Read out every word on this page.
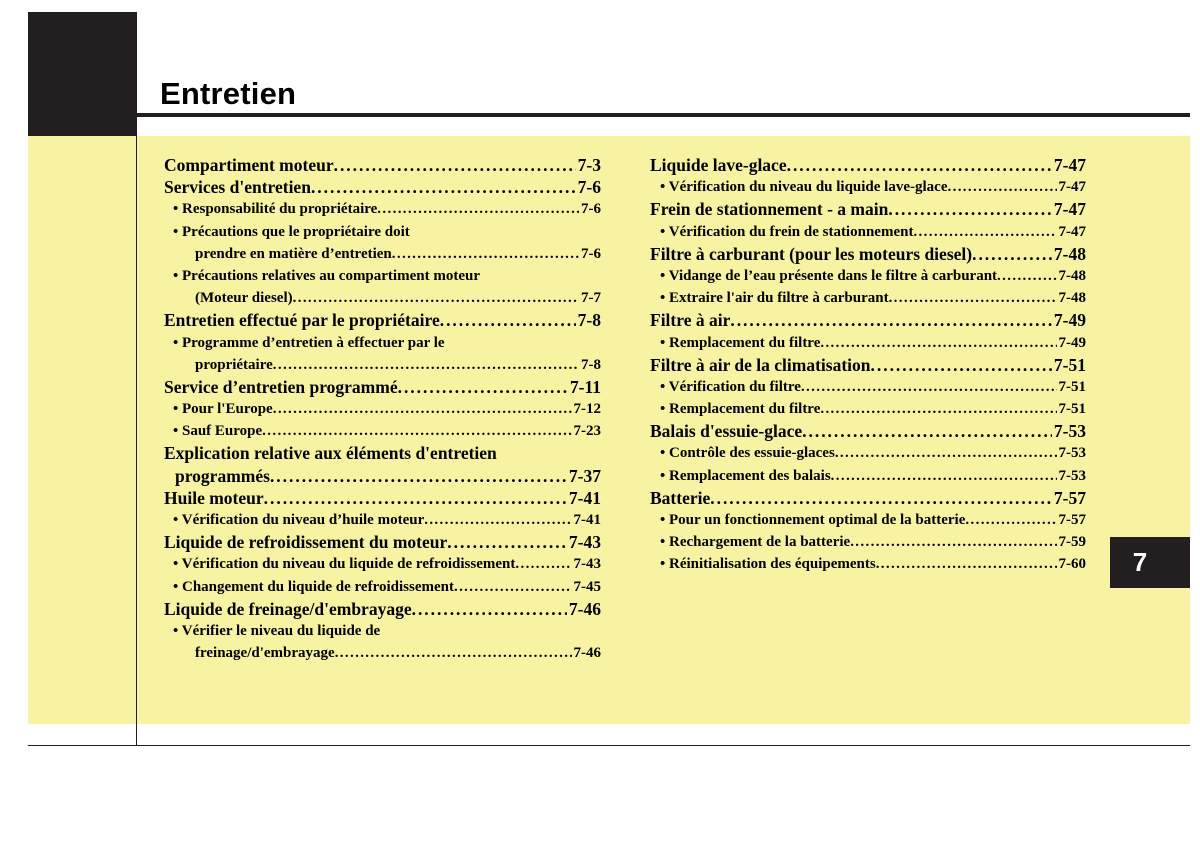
Entretien
7
Compartiment moteur . . .	7-3
Services d'entretien . . .	7-6
• Responsabilité du propriétaire . . .	7-6
• Précautions que le propriétaire doit
prendre en matière d’entretien . . .	7-6
• Précautions relatives au compartiment moteur
(Moteur diesel) . . .	7-7
Entretien effectué par le propriétaire . . .	7-8
• Programme d’entretien à effectuer par le
propriétaire . . .	7-8
Service d’entretien programmé . . .	7-11
• Pour l'Europe . . .	7-12
• Sauf Europe . . .	7-23
Explication relative aux éléments d'entretien
programmés . . .	7-37
Huile moteur . . .	7-41
• Vérification du niveau d’huile moteur . . .	7-41
Liquide de refroidissement du moteur . . .	7-43
• Vérification du niveau du liquide de refroidissement . . .	7-43
• Changement du liquide de refroidissement . . .	7-45
Liquide de freinage/d'embrayage . . .	7-46
• Vérifier le niveau du liquide de
freinage/d'embrayage . . .	7-46
Liquide lave-glace . . .	7-47
• Vérification du niveau du liquide lave-glace . . .	7-47
Frein de stationnement - a main . . .	7-47
• Vérification du frein de stationnement . . .	7-47
Filtre à carburant (pour les moteurs diesel) . . .	7-48
• Vidange de l’eau présente dans le filtre à carburant . . .	7-48
• Extraire l'air du filtre à carburant . . .	7-48
Filtre à air . . .	7-49
• Remplacement du filtre . . .	7-49
Filtre à air de la climatisation . . .	7-51
• Vérification du filtre . . .	7-51
• Remplacement du filtre . . .	7-51
Balais d'essuie-glace . . .	7-53
• Contrôle des essuie-glaces . . .	7-53
• Remplacement des balais . . .	7-53
Batterie . . .	7-57
• Pour un fonctionnement optimal de la batterie . . .	7-57
• Rechargement de la batterie . . .	7-59
• Réinitialisation des équipements . . .	7-60
